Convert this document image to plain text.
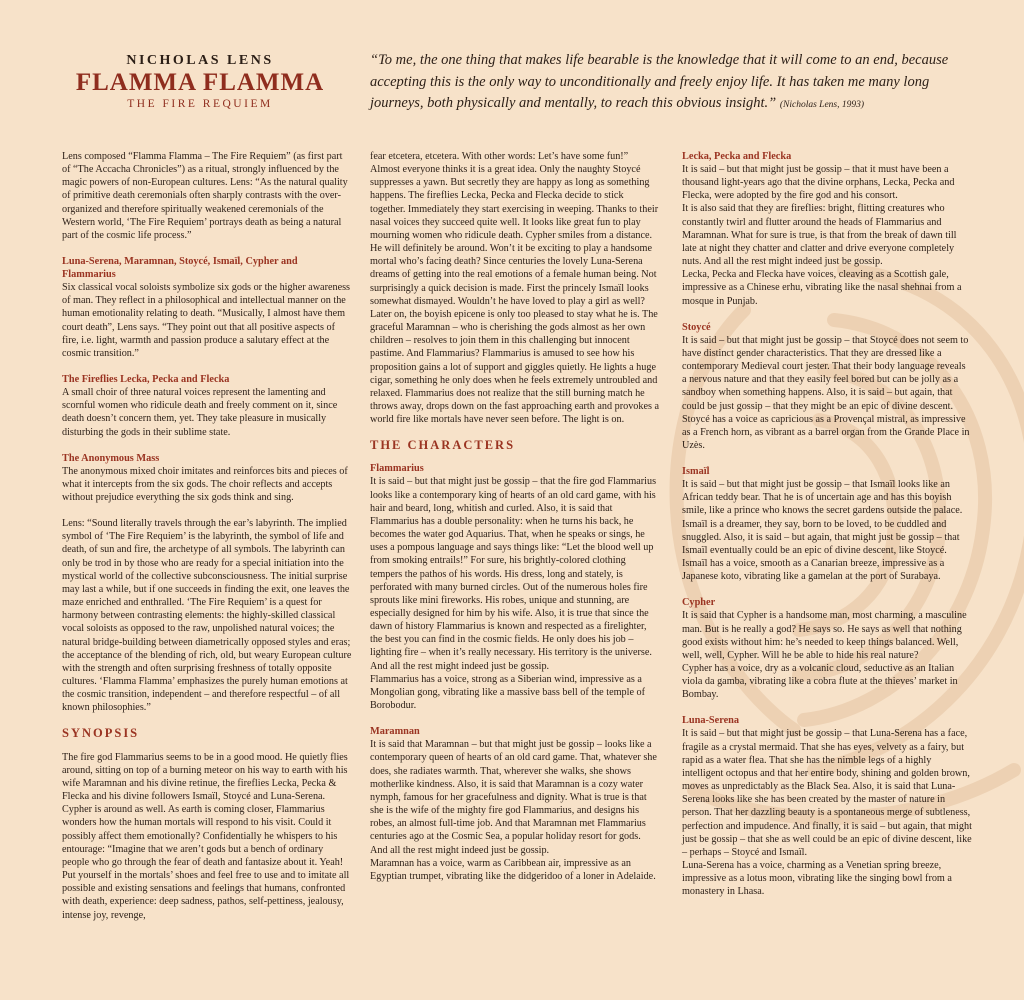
NICHOLAS LENS

FLAMMA FLAMMA

THE FIRE REQUIEM

“To me, the one thing that makes life bearable is the knowledge that it will come to an end, because accepting this is the only way to unconditionally and freely enjoy life. It has taken me many long journeys, both physically and mentally, to reach this obvious insight.” (Nicholas Lens, 1993)

Lens composed “Flamma Flamma – The Fire Requiem” (as first part of “The Accacha Chronicles”) as a ritual, strongly influenced by the magic powers of non-European cultures. Lens: “As the natural quality of primitive death ceremonials often sharply contrasts with the over-organized and therefore spiritually weakened ceremonials of the Western world, ‘The Fire Requiem’ portrays death as being a natural part of the cosmic life process.”

Luna-Serena, Maramnan, Stoycé, Ismaïl, Cypher and Flammarius

Six classical vocal soloists symbolize six gods or the higher awareness of man. They reflect in a philosophical and intellectual manner on the human emotionality relating to death. “Musically, I almost have them court death”, Lens says. “They point out that all positive aspects of fire, i.e. light, warmth and passion produce a salutary effect at the cosmic transition.”

The Fireflies Lecka, Pecka and Flecka

A small choir of three natural voices represent the lamenting and scornful women who ridicule death and freely comment on it, since death doesn’t concern them, yet. They take pleasure in musically disturbing the gods in their sublime state.

The Anonymous Mass

The anonymous mixed choir imitates and reinforces bits and pieces of what it intercepts from the six gods. The choir reflects and accepts without prejudice everything the six gods think and sing.

Lens: “Sound literally travels through the ear’s labyrinth. The implied symbol of ‘The Fire Requiem’ is the labyrinth, the symbol of life and death, of sun and fire, the archetype of all symbols. The labyrinth can only be trod in by those who are ready for a special initiation into the mystical world of the collective subconsciousness. The initial surprise may last a while, but if one succeeds in finding the exit, one leaves the maze enriched and enthralled. ‘The Fire Requiem’ is a quest for harmony between contrasting elements: the highly-skilled classical vocal soloists as opposed to the raw, unpolished natural voices; the natural bridge-building between diametrically opposed styles and eras; the acceptance of the blending of rich, old, but weary European culture with the strength and often surprising freshness of totally opposite cultures. ‘Flamma Flamma’ emphasizes the purely human emotions at the cosmic transition, independent – and therefore respectful – of all known philosophies.”

SYNOPSIS

The fire god Flammarius seems to be in a good mood. He quietly flies around, sitting on top of a burning meteor on his way to earth with his wife Maramnan and his divine retinue, the fireflies Lecka, Pecka & Flecka and his divine followers Ismaïl, Stoycé and Luna-Serena. Cypher is around as well. As earth is coming closer, Flammarius wonders how the human mortals will respond to his visit. Could it possibly affect them emotionally? Confidentially he whispers to his entourage: “Imagine that we aren’t gods but a bench of ordinary people who go through the fear of death and fantasize about it. Yeah! Put yourself in the mortals’ shoes and feel free to use and to imitate all possible and existing sensations and feelings that humans, confronted with death, experience: deep sadness, pathos, self-pettiness, jealousy, intense joy, revenge,

fear etcetera, etcetera. With other words: Let’s have some fun!” Almost everyone thinks it is a great idea. Only the naughty Stoycé suppresses a yawn. But secretly they are happy as long as something happens. The fireflies Lecka, Pecka and Flecka decide to stick together. Immediately they start exercising in weeping. Thanks to their nasal voices they succeed quite well. It looks like great fun to play mourning women who ridicule death. Cypher smiles from a distance. He will definitely be around. Won’t it be exciting to play a handsome mortal who’s facing death? Since centuries the lovely Luna-Serena dreams of getting into the real emotions of a female human being. Not surprisingly a quick decision is made. First the princely Ismaïl looks somewhat dismayed. Wouldn’t he have loved to play a girl as well? Later on, the boyish epicene is only too pleased to stay what he is. The graceful Maramnan – who is cherishing the gods almost as her own children – resolves to join them in this challenging but innocent pastime. And Flammarius? Flammarius is amused to see how his proposition gains a lot of support and giggles quietly. He lights a huge cigar, something he only does when he feels extremely untroubled and relaxed. Flammarius does not realize that the still burning match he throws away, drops down on the fast approaching earth and provokes a world fire like mortals have never seen before. The light is on.

THE CHARACTERS
Flammarius

It is said – but that might just be gossip – that the fire god Flammarius looks like a contemporary king of hearts of an old card game, with his hair and beard, long, whitish and curled. Also, it is said that Flammarius has a double personality: when he turns his back, he becomes the water god Aquarius. That, when he speaks or sings, he uses a pompous language and says things like: “Let the blood well up from smoking entrails!” For sure, his brightly-colored clothing tempers the pathos of his words. His dress, long and stately, is perforated with many burned circles. Out of the numerous holes fire sprouts like mini fireworks. His robes, unique and stunning, are especially designed for him by his wife. Also, it is true that since the dawn of history Flammarius is known and respected as a firelighter, the best you can find in the cosmic fields. He only does his job – lighting fire – when it’s really necessary. His territory is the universe. And all the rest might indeed just be gossip.

Flammarius has a voice, strong as a Siberian wind, impressive as a Mongolian gong, vibrating like a massive bass bell of the temple of Borobodur.

Maramnan

It is said that Maramnan – but that might just be gossip – looks like a contemporary queen of hearts of an old card game. That, whatever she does, she radiates warmth. That, wherever she walks, she shows motherlike kindness. Also, it is said that Maramnan is a cozy water nymph, famous for her gracefulness and dignity. What is true is that she is the wife of the mighty fire god Flammarius, and designs his robes, an almost full-time job. And that Maramnan met Flammarius centuries ago at the Cosmic Sea, a popular holiday resort for gods. And all the rest might indeed just be gossip.

Maramnan has a voice, warm as Caribbean air, impressive as an Egyptian trumpet, vibrating like the didgeridoo of a loner in Adelaide.

Lecka, Pecka and Flecka

It is said – but that might just be gossip – that it must have been a thousand light-years ago that the divine orphans, Lecka, Pecka and Flecka, were adopted by the fire god and his consort.

It is also said that they are fireflies: bright, flitting creatures who constantly twirl and flutter around the heads of Flammarius and Maramnan. What for sure is true, is that from the break of dawn till late at night they chatter and clatter and drive everyone completely nuts. And all the rest might indeed just be gossip.

Lecka, Pecka and Flecka have voices, cleaving as a Scottish gale, impressive as a Chinese erhu, vibrating like the nasal shehnai from a mosque in Punjab.

Stoycé

It is said – but that might just be gossip – that Stoycé does not seem to have distinct gender characteristics. That they are dressed like a contemporary Medieval court jester. That their body language reveals a nervous nature and that they easily feel bored but can be jolly as a sandboy when something happens. Also, it is said – but again, that could be just gossip – that they might be an epic of divine descent.

Stoycé has a voice as capricious as a Provençal mistral, as impressive as a French horn, as vibrant as a barrel organ from the Grande Place in Uzès.

Ismaïl

It is said – but that might just be gossip – that Ismaïl looks like an African teddy bear. That he is of uncertain age and has this boyish smile, like a prince who knows the secret gardens outside the palace. Ismaïl is a dreamer, they say, born to be loved, to be cuddled and snuggled. Also, it is said – but again, that might just be gossip – that Ismaïl eventually could be an epic of divine descent, like Stoycé.

Ismaïl has a voice, smooth as a Canarian breeze, impressive as a Japanese koto, vibrating like a gamelan at the port of Surabaya.

Cypher

It is said that Cypher is a handsome man, most charming, a masculine man. But is he really a god? He says so. He says as well that nothing good exists without him: he’s needed to keep things balanced. Well, well, well, Cypher. Will he be able to hide his real nature?

Cypher has a voice, dry as a volcanic cloud, seductive as an Italian viola da gamba, vibrating like a cobra flute at the thieves’ market in Bombay.

Luna-Serena

It is said – but that might just be gossip – that Luna-Serena has a face, fragile as a crystal mermaid. That she has eyes, velvety as a fairy, but rapid as a water flea. That she has the nimble legs of a highly intelligent octopus and that her entire body, shining and golden brown, moves as unpredictably as the Black Sea. Also, it is said that Luna-Serena looks like she has been created by the master of nature in person. That her dazzling beauty is a spontaneous merge of subtleness, perfection and impudence. And finally, it is said – but again, that might just be gossip – that she as well could be an epic of divine descent, like – perhaps – Stoycé and Ismaïl.

Luna-Serena has a voice, charming as a Venetian spring breeze, impressive as a lotus moon, vibrating like the singing bowl from a monastery in Lhasa.
